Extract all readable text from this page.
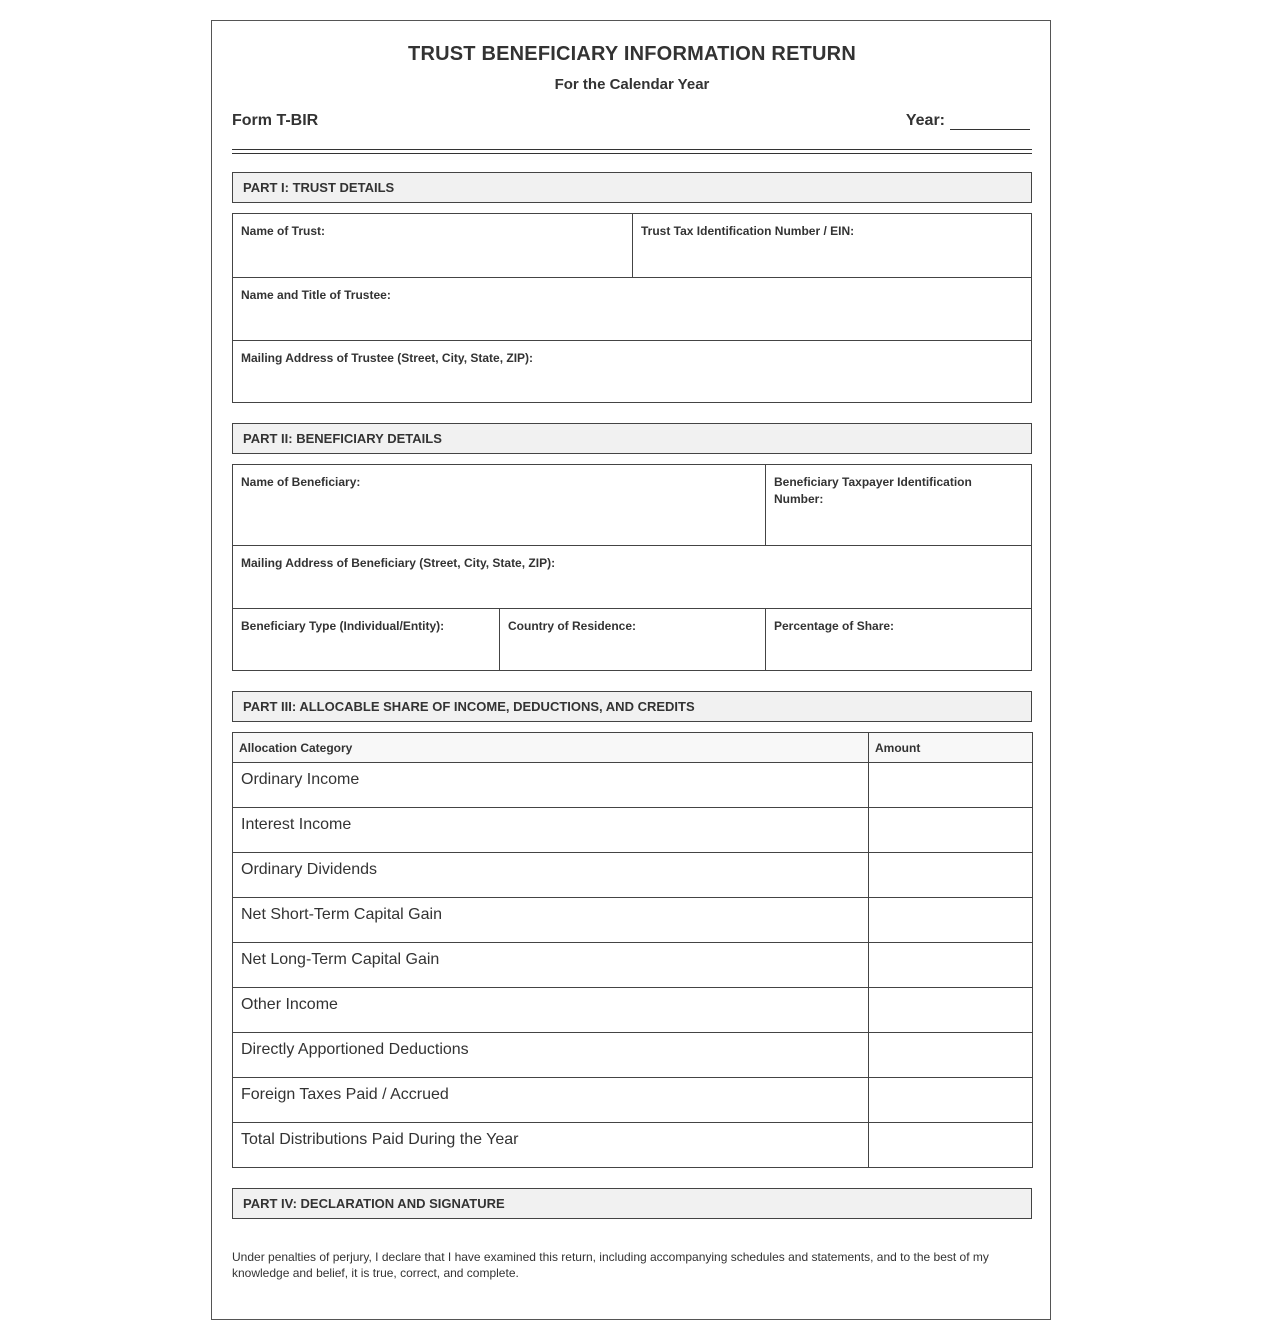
TRUST BENEFICIARY INFORMATION RETURN
For the Calendar Year
Form T-BIR	Year:
PART I: TRUST DETAILS
Name of Trust:	Trust Tax Identification Number / EIN:
Name and Title of Trustee:
Mailing Address of Trustee (Street, City, State, ZIP):
PART II: BENEFICIARY DETAILS
Name of Beneficiary:	Beneficiary Taxpayer Identification Number:
Mailing Address of Beneficiary (Street, City, State, ZIP):
Beneficiary Type (Individual/Entity):	Country of Residence:	Percentage of Share:
PART III: ALLOCABLE SHARE OF INCOME, DEDUCTIONS, AND CREDITS
Allocation Category	Amount
Ordinary Income	
Interest Income	
Ordinary Dividends	
Net Short-Term Capital Gain	
Net Long-Term Capital Gain	
Other Income	
Directly Apportioned Deductions	
Foreign Taxes Paid / Accrued	
Total Distributions Paid During the Year	
PART IV: DECLARATION AND SIGNATURE
Under penalties of perjury, I declare that I have examined this return, including accompanying schedules and statements, and to the best of my knowledge and belief, it is true, correct, and complete.
